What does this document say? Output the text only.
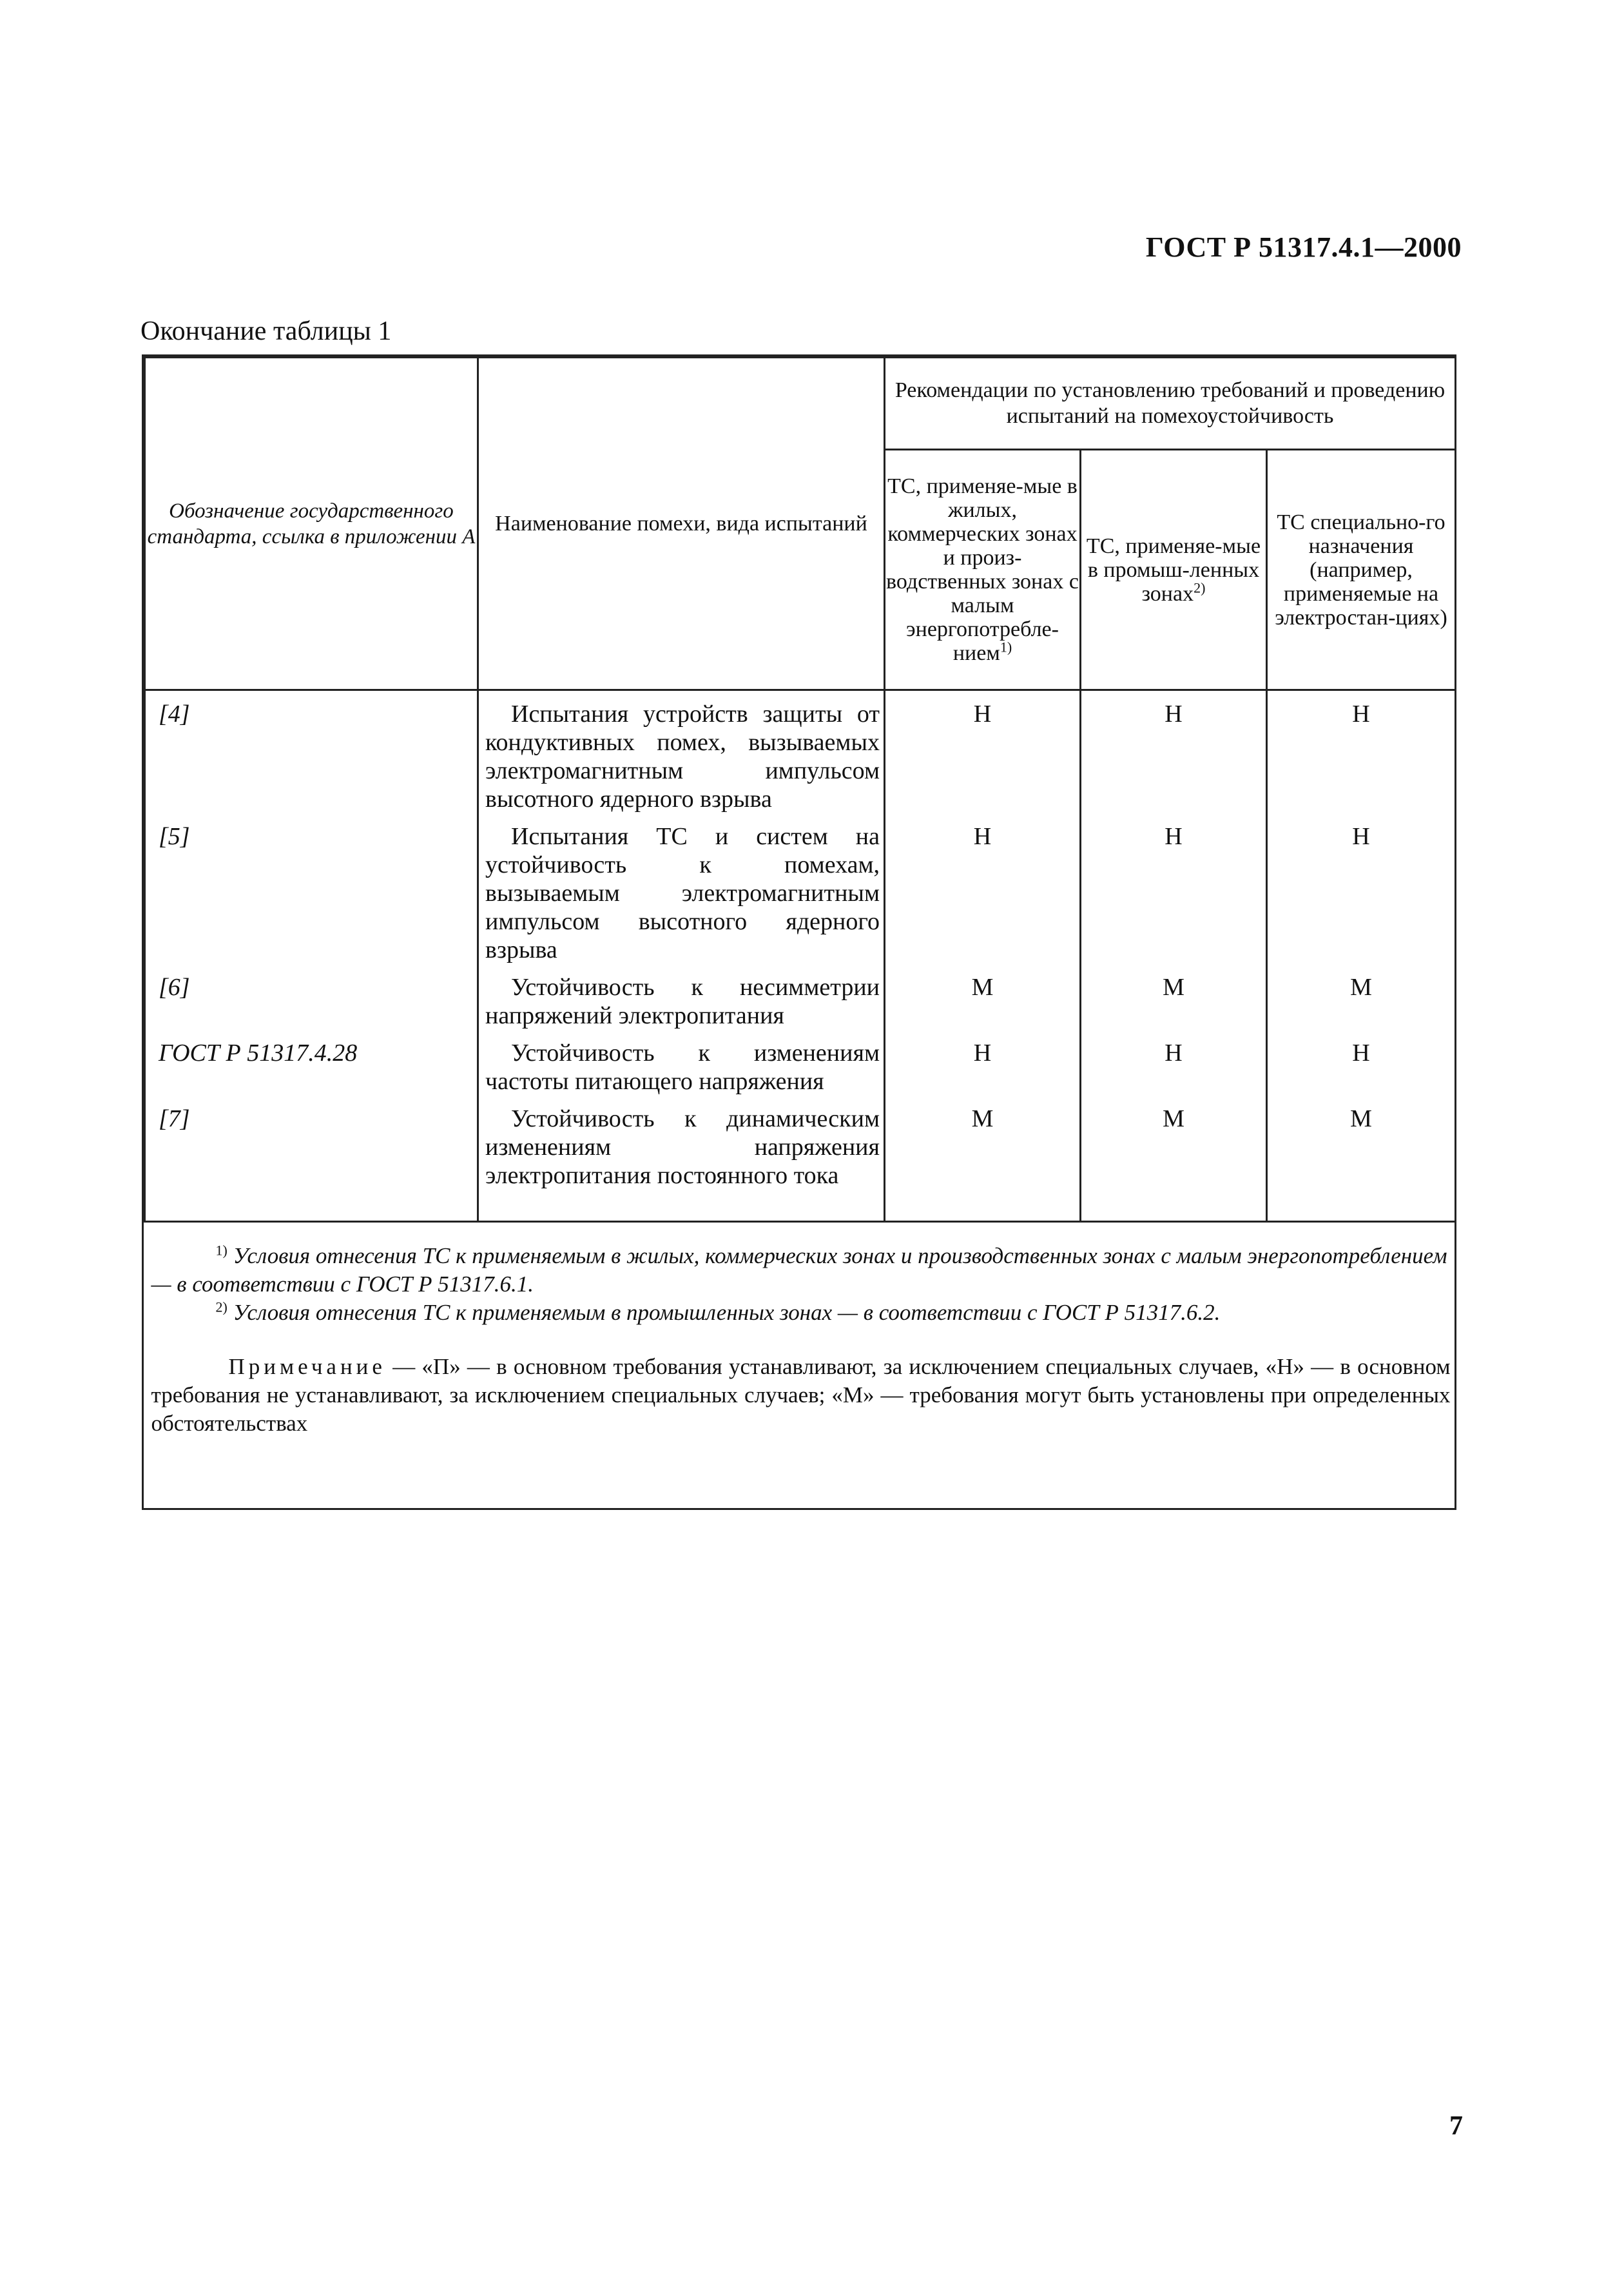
ГОСТ Р 51317.4.1—2000
Окончание таблицы 1
Обозначение государственного стандарта, ссылка в приложении А	Наименование помехи, вида испытаний	Рекомендации по установлению требований и проведению испытаний на помехоустойчивость		
		ТС, применяе-мые в жилых, коммерческих зонах и произ-водственных зонах с малым энергопотребле-нием$^{1)}$	ТС, применяе-мые в промыш-ленных зонах$^{2)}$	ТС специально-го назначения (например, применяемые на электростан-циях)
[4]	Испытания устройств защиты от кондуктивных помех, вызываемых электромагнитным импульсом высотного ядерного взрыва	Н	Н	Н
[5]	Испытания ТС и систем на устойчивость к помехам, вызываемым электромагнитным импульсом высотного ядерного взрыва	Н	Н	Н
[6]	Устойчивость к несимметрии напряжений электропитания	М	М	М
ГОСТ Р 51317.4.28	Устойчивость к изменениям частоты питающего напряжения	Н	Н	Н
[7]	Устойчивость к динамическим изменениям напряжения электропитания постоянного тока	М	М	М

$^{1)}$ Условия отнесения ТС к применяемым в жилых, коммерческих зонах и производственных зонах с малым энергопотреблением — в соответствии с ГОСТ Р 51317.6.1.
$^{2)}$ Условия отнесения ТС к применяемым в промышленных зонах — в соответствии с ГОСТ Р 51317.6.2.
Примечание — «П» — в основном требования устанавливают, за исключением специальных случаев, «Н» — в основном требования не устанавливают, за исключением специальных случаев; «М» — требования могут быть установлены при определенных обстоятельствах				
7
